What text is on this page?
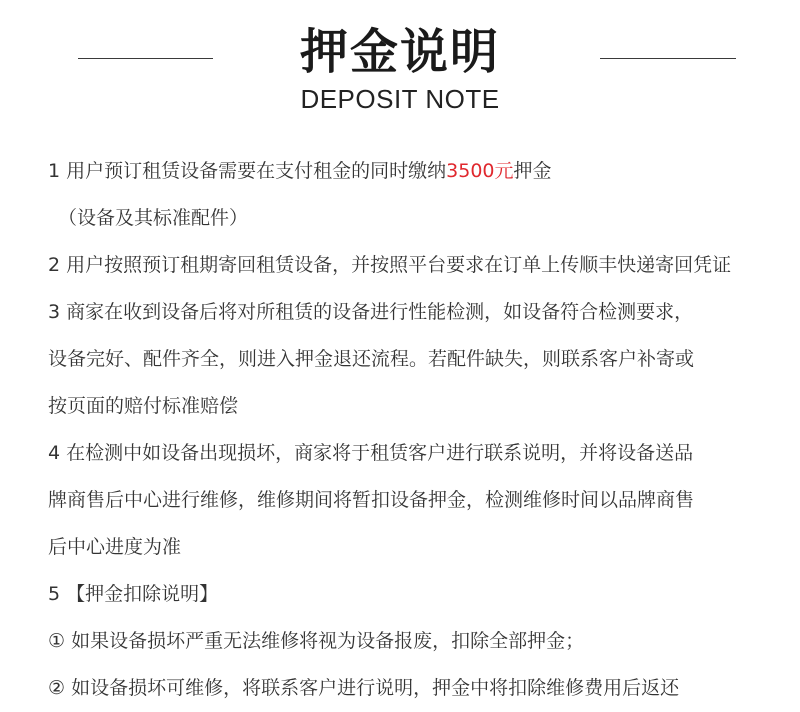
押金说明
DEPOSIT NOTE
1 用户预订租赁设备需要在支付租金的同时缴纳3500元押金
（设备及其标准配件）
2 用户按照预订租期寄回租赁设备，并按照平台要求在订单上传顺丰快递寄回凭证
3 商家在收到设备后将对所租赁的设备进行性能检测，如设备符合检测要求，
设备完好、配件齐全，则进入押金退还流程。若配件缺失，则联系客户补寄或
按页面的赔付标准赔偿
4 在检测中如设备出现损坏，商家将于租赁客户进行联系说明，并将设备送品
牌商售后中心进行维修，维修期间将暂扣设备押金，检测维修时间以品牌商售
后中心进度为准
5 【押金扣除说明】
① 如果设备损坏严重无法维修将视为设备报废，扣除全部押金；
② 如设备损坏可维修，将联系客户进行说明，押金中将扣除维修费用后返还
